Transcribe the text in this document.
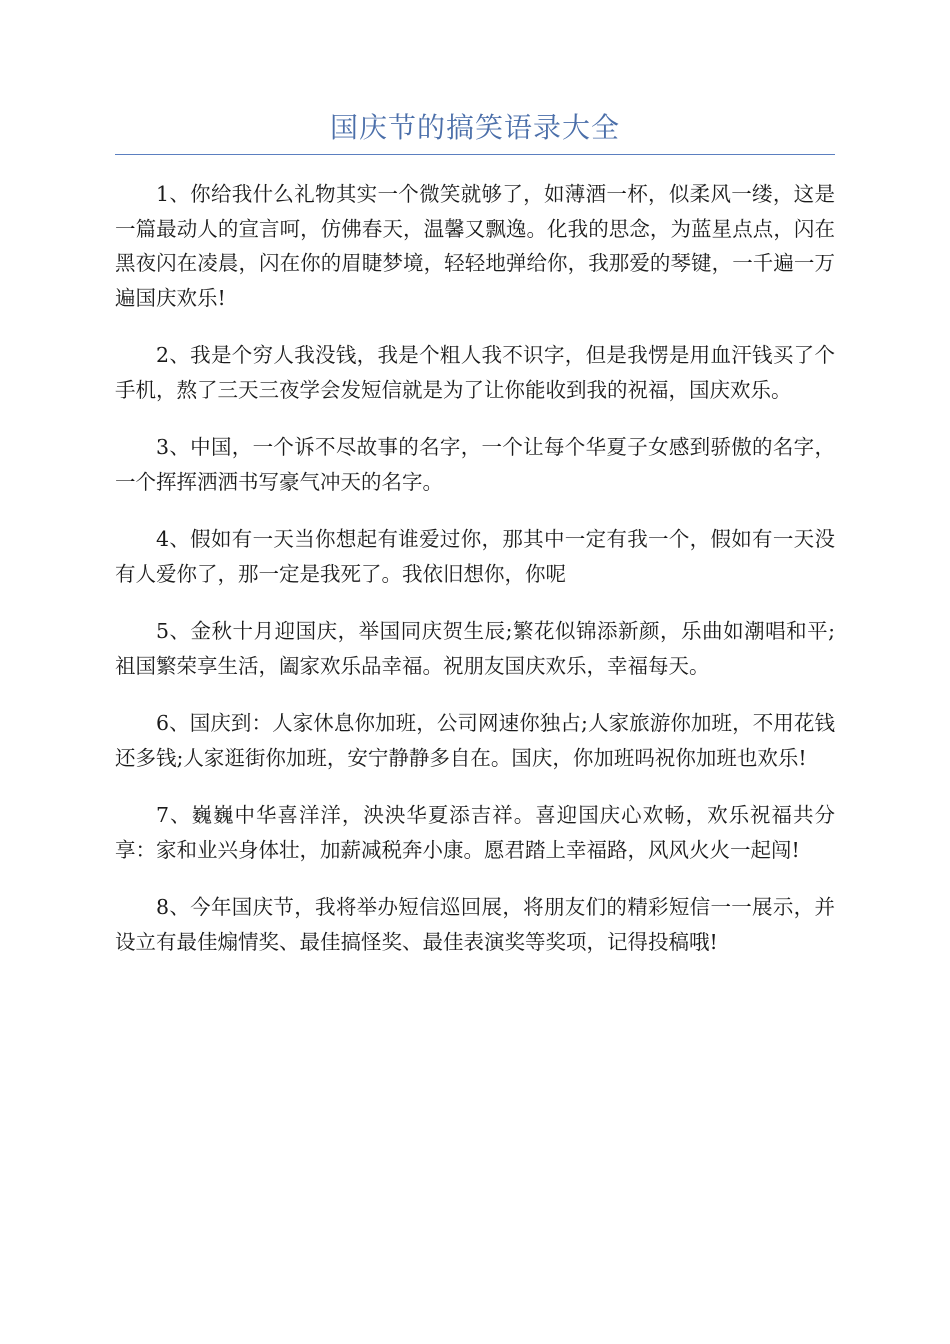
国庆节的搞笑语录大全

1、你给我什么礼物其实一个微笑就够了，如薄酒一杯，似柔风一缕，这是一篇最动人的宣言呵，仿佛春天，温馨又飘逸。化我的思念，为蓝星点点，闪在黑夜闪在凌晨，闪在你的眉睫梦境，轻轻地弹给你，我那爱的琴键，一千遍一万遍国庆欢乐!

2、我是个穷人我没钱，我是个粗人我不识字，但是我愣是用血汗钱买了个手机，熬了三天三夜学会发短信就是为了让你能收到我的祝福，国庆欢乐。

3、中国，一个诉不尽故事的名字，一个让每个华夏子女感到骄傲的名字，一个挥挥洒洒书写豪气冲天的名字。

4、假如有一天当你想起有谁爱过你，那其中一定有我一个，假如有一天没有人爱你了，那一定是我死了。我依旧想你，你呢

5、金秋十月迎国庆，举国同庆贺生辰;繁花似锦添新颜，乐曲如潮唱和平;祖国繁荣享生活，阖家欢乐品幸福。祝朋友国庆欢乐，幸福每天。

6、国庆到：人家休息你加班，公司网速你独占;人家旅游你加班，不用花钱还多钱;人家逛街你加班，安宁静静多自在。国庆，你加班吗祝你加班也欢乐!

7、巍巍中华喜洋洋，泱泱华夏添吉祥。喜迎国庆心欢畅，欢乐祝福共分享：家和业兴身体壮，加薪减税奔小康。愿君踏上幸福路，风风火火一起闯!

8、今年国庆节，我将举办短信巡回展，将朋友们的精彩短信一一展示，并设立有最佳煽情奖、最佳搞怪奖、最佳表演奖等奖项，记得投稿哦!
